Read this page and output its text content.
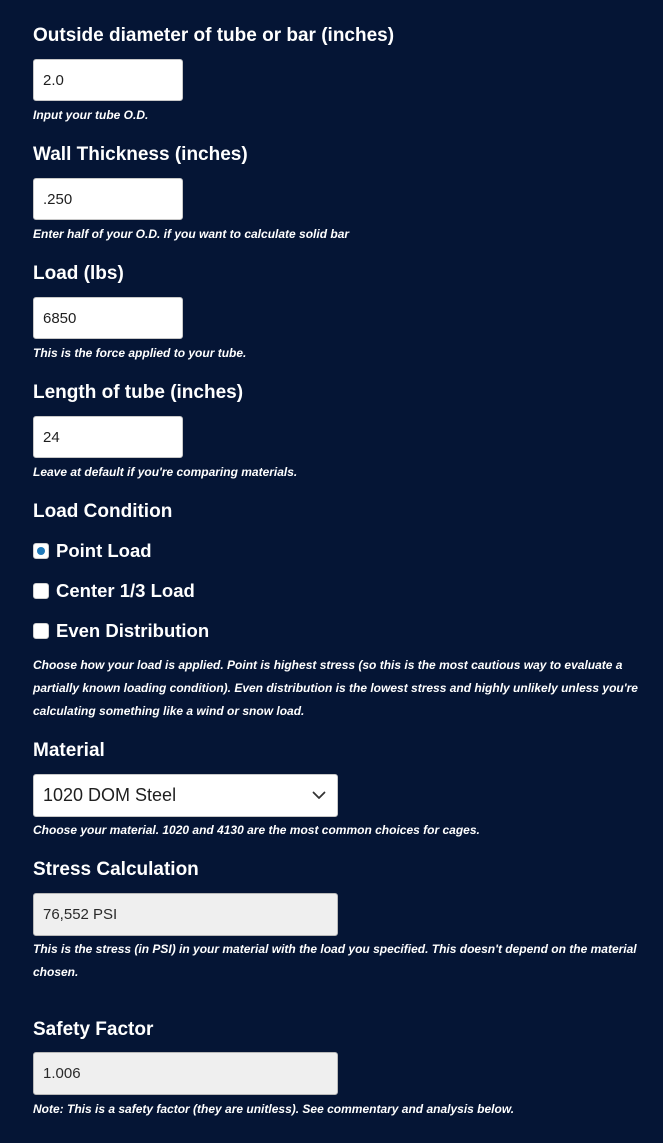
Outside diameter of tube or bar (inches)
2.0
Input your tube O.D.
Wall Thickness (inches)
.250
Enter half of your O.D. if you want to calculate solid bar
Load (lbs)
6850
This is the force applied to your tube.
Length of tube (inches)
24
Leave at default if you're comparing materials.
Load Condition
Point Load
Center 1/3 Load
Even Distribution
Choose how your load is applied. Point is highest stress (so this is the most cautious way to evaluate a partially known loading condition). Even distribution is the lowest stress and highly unlikely unless you're calculating something like a wind or snow load.
Material
1020 DOM Steel
Choose your material. 1020 and 4130 are the most common choices for cages.
Stress Calculation
76,552 PSI
This is the stress (in PSI) in your material with the load you specified. This doesn't depend on the material chosen.
Safety Factor
1.006
Note: This is a safety factor (they are unitless). See commentary and analysis below.
